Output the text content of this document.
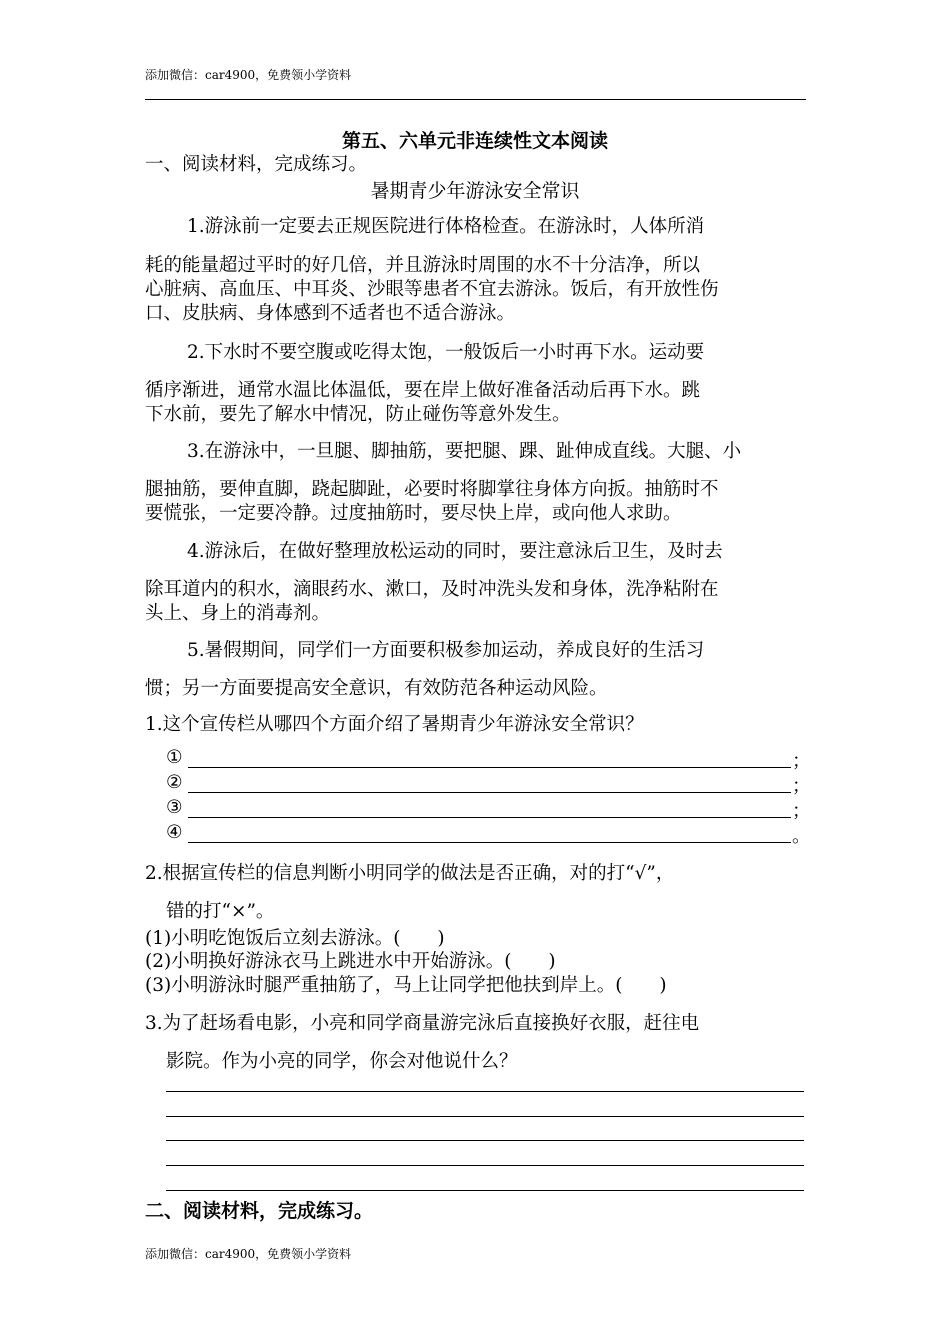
添加微信：car4900，免费领小学资料
第五、六单元非连续性文本阅读
一、阅读材料，完成练习。
暑期青少年游泳安全常识
1.游泳前一定要去正规医院进行体格检查。在游泳时，人体所消
耗的能量超过平时的好几倍，并且游泳时周围的水不十分洁净，所以
心脏病、高血压、中耳炎、沙眼等患者不宜去游泳。饭后，有开放性伤
口、皮肤病、身体感到不适者也不适合游泳。
2.下水时不要空腹或吃得太饱，一般饭后一小时再下水。运动要
循序渐进，通常水温比体温低，要在岸上做好准备活动后再下水。跳
下水前，要先了解水中情况，防止碰伤等意外发生。
3.在游泳中，一旦腿、脚抽筋，要把腿、踝、趾伸成直线。大腿、小
腿抽筋，要伸直脚，跷起脚趾，必要时将脚掌往身体方向扳。抽筋时不
要慌张，一定要冷静。过度抽筋时，要尽快上岸，或向他人求助。
4.游泳后，在做好整理放松运动的同时，要注意泳后卫生，及时去
除耳道内的积水，滴眼药水、漱口，及时冲洗头发和身体，洗净粘附在
头上、身上的消毒剂。
5.暑假期间，同学们一方面要积极参加运动，养成良好的生活习
惯；另一方面要提高安全意识，有效防范各种运动风险。
1.这个宣传栏从哪四个方面介绍了暑期青少年游泳安全常识？
①	；
②	；
③	；
④	。
2.根据宣传栏的信息判断小明同学的做法是否正确，对的打“√”，
错的打“×”。
(1)小明吃饱饭后立刻去游泳。(　　)
(2)小明换好游泳衣马上跳进水中开始游泳。(　　)
(3)小明游泳时腿严重抽筋了，马上让同学把他扶到岸上。(　　)
3.为了赶场看电影，小亮和同学商量游完泳后直接换好衣服，赶往电
影院。作为小亮的同学，你会对他说什么？
二、阅读材料，完成练习。
添加微信：car4900，免费领小学资料
